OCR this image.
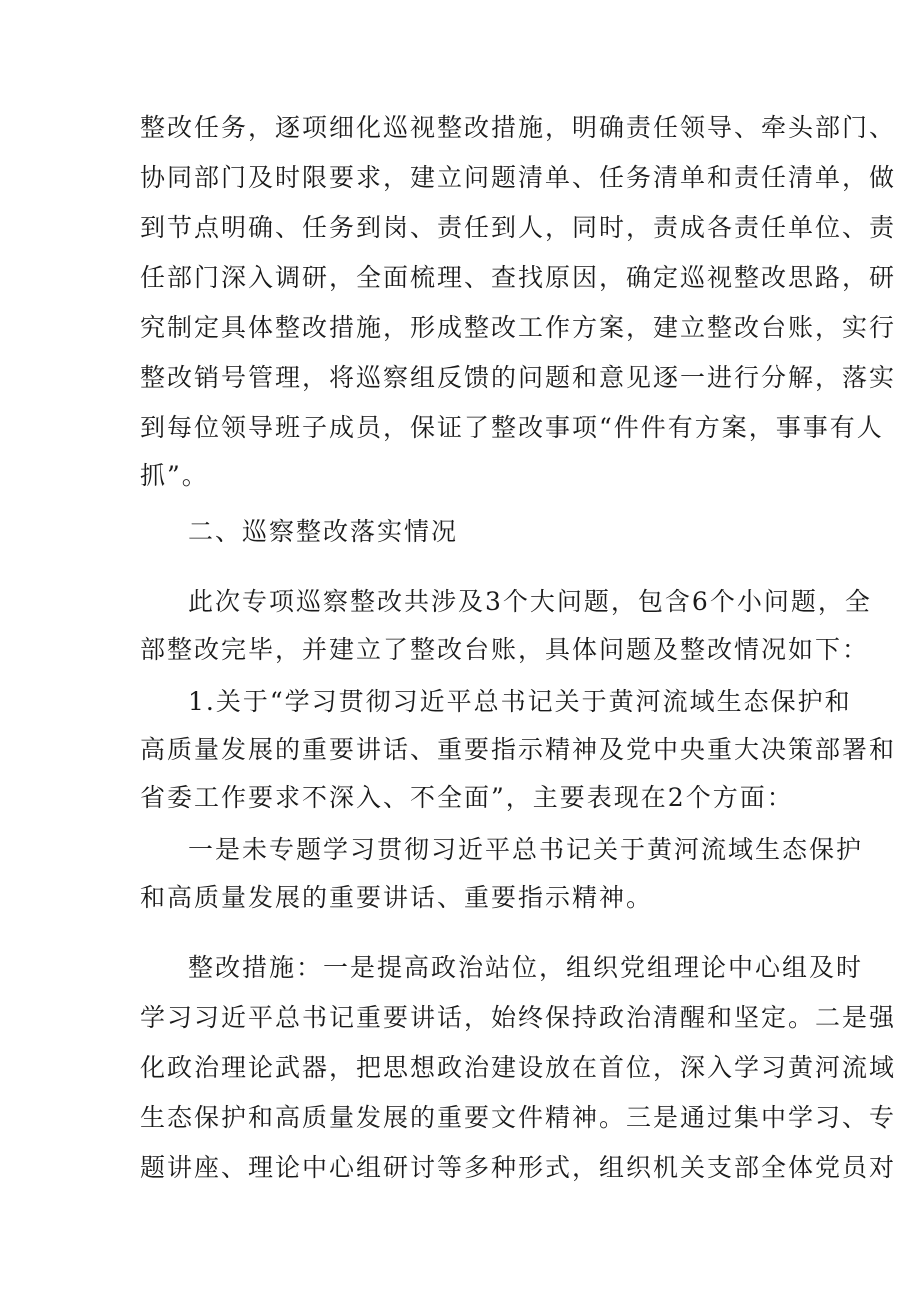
整改任务，逐项细化巡视整改措施，明确责任领导、牵头部门、
协同部门及时限要求，建立问题清单、任务清单和责任清单，做
到节点明确、任务到岗、责任到人，同时，责成各责任单位、责
任部门深入调研，全面梳理、查找原因，确定巡视整改思路，研
究制定具体整改措施，形成整改工作方案，建立整改台账，实行
整改销号管理，将巡察组反馈的问题和意见逐一进行分解，落实
到每位领导班子成员，保证了整改事项“件件有方案，事事有人
抓”。
二、巡察整改落实情况
此次专项巡察整改共涉及3个大问题，包含6个小问题，全
部整改完毕，并建立了整改台账，具体问题及整改情况如下：
1.关于“学习贯彻习近平总书记关于黄河流域生态保护和
高质量发展的重要讲话、重要指示精神及党中央重大决策部署和
省委工作要求不深入、不全面”，主要表现在2个方面：
一是未专题学习贯彻习近平总书记关于黄河流域生态保护
和高质量发展的重要讲话、重要指示精神。
整改措施：一是提高政治站位，组织党组理论中心组及时
学习习近平总书记重要讲话，始终保持政治清醒和坚定。二是强
化政治理论武器，把思想政治建设放在首位，深入学习黄河流域
生态保护和高质量发展的重要文件精神。三是通过集中学习、专
题讲座、理论中心组研讨等多种形式，组织机关支部全体党员对
